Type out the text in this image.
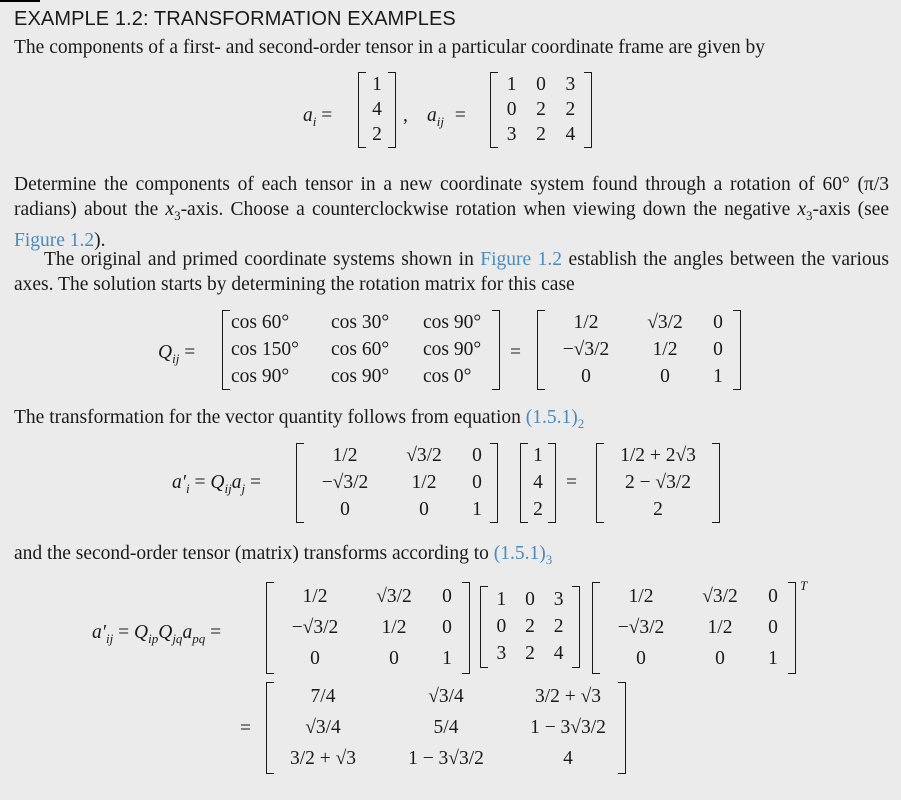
EXAMPLE 1.2: TRANSFORMATION EXAMPLES
The components of a first- and second-order tensor in a particular coordinate frame are given by
$a_i$ =
1
4
2
, $a_{ij}$ =
1	0	3
0	2	2
3	2	4
Determine the components of each tensor in a new coordinate system found through a rotation of 60° (π/3 radians) about the $x_3$-axis. Choose a counterclockwise rotation when viewing down the negative $x_3$-axis (see Figure 1.2).
The original and primed coordinate systems shown in Figure 1.2 establish the angles between the various axes. The solution starts by determining the rotation matrix for this case
$Q_{ij}$ =
cos 60°	cos 30°	cos 90°
cos 150°	cos 60°	cos 90°
cos 90°	cos 90°	cos 0°
=
1/2	√3/2	0
−√3/2	1/2	0
0	0	1
The transformation for the vector quantity follows from equation $(1.5.1)_2$
$a'_i = Q_{ij}a_j$ =
1/2	√3/2	0
−√3/2	1/2	0
0	0	1
1
4
2
=
1/2 + 2√3
2 − √3/2
2
and the second-order tensor (matrix) transforms according to $(1.5.1)_3$
$a'_{ij} = Q_{ip}Q_{jq}a_{pq}$ =
1/2	√3/2	0
−√3/2	1/2	0
0	0	1
1 0 3
0 2 2
3 2 4
1/2	√3/2	0
−√3/2	1/2	0
0	0	1
T
=
7/4	√3/4	3/2 + √3
√3/4	5/4	1 − 3√3/2
3/2 + √3	1 − 3√3/2	4
